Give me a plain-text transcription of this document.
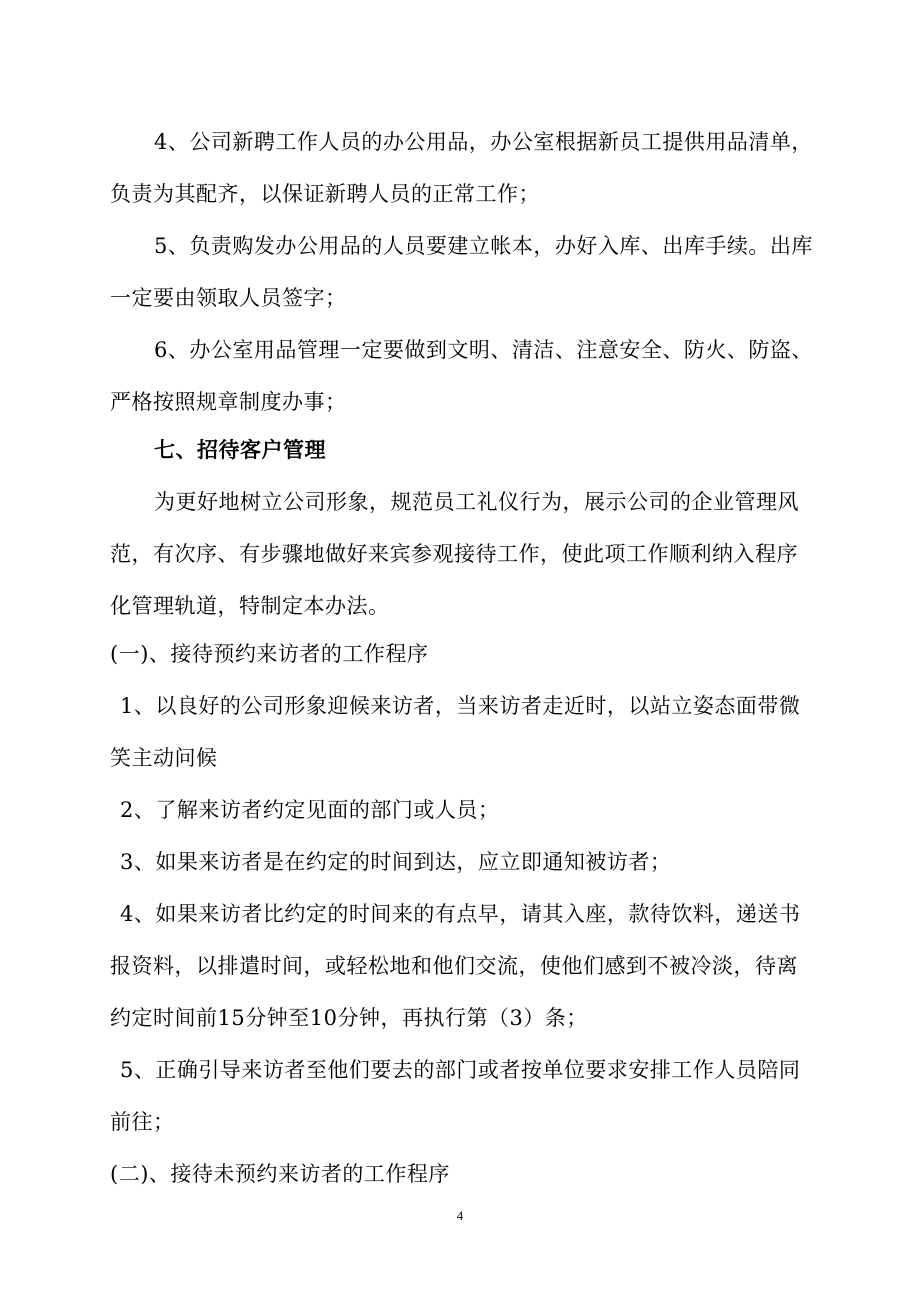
4、公司新聘工作人员的办公用品，办公室根据新员工提供用品清单，
负责为其配齐，以保证新聘人员的正常工作；
5、负责购发办公用品的人员要建立帐本，办好入库、出库手续。出库
一定要由领取人员签字；
6、办公室用品管理一定要做到文明、清洁、注意安全、防火、防盗、
严格按照规章制度办事；
七、招待客户管理
为更好地树立公司形象，规范员工礼仪行为，展示公司的企业管理风
范，有次序、有步骤地做好来宾参观接待工作，使此项工作顺利纳入程序
化管理轨道，特制定本办法。
(一)、接待预约来访者的工作程序
1、以良好的公司形象迎候来访者，当来访者走近时，以站立姿态面带微
笑主动问候
2、了解来访者约定见面的部门或人员；
3、如果来访者是在约定的时间到达，应立即通知被访者；
4、如果来访者比约定的时间来的有点早，请其入座，款待饮料，递送书
报资料，以排遣时间，或轻松地和他们交流，使他们感到不被冷淡，待离
约定时间前15分钟至10分钟，再执行第（3）条；
5、正确引导来访者至他们要去的部门或者按单位要求安排工作人员陪同
前往；
(二)、接待未预约来访者的工作程序
4
